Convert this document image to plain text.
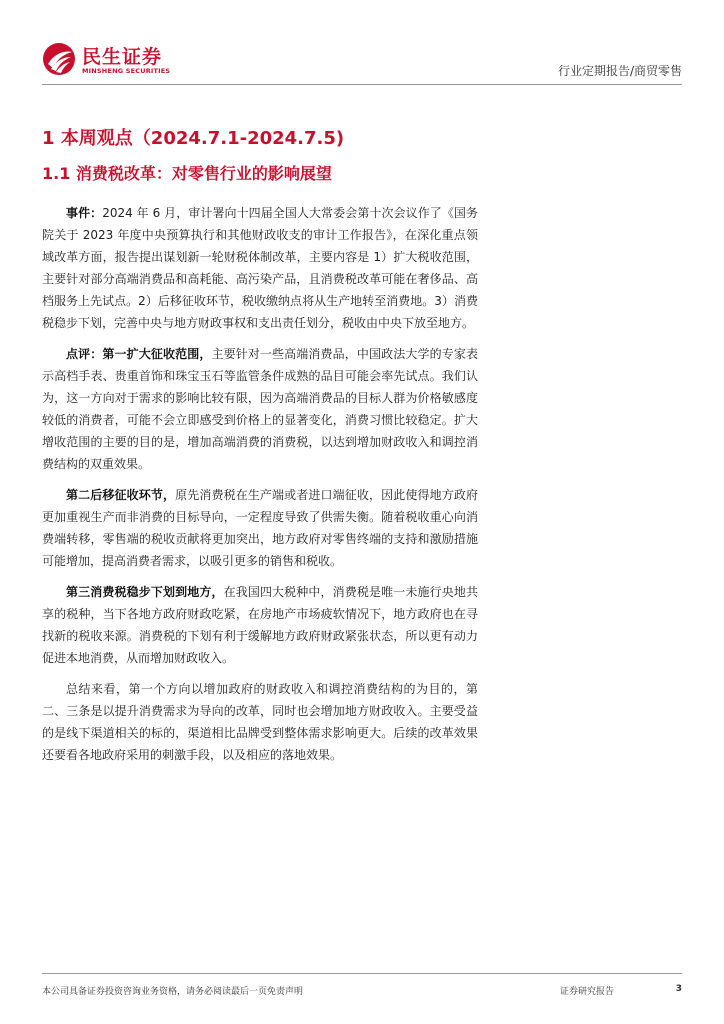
民生证券
MINSHENG SECURITIES	行业定期报告/商贸零售
1 本周观点（2024.7.1-2024.7.5)
1.1 消费税改革：对零售行业的影响展望

事件：2024 年 6 月，审计署向十四届全国人大常委会第十次会议作了《国务院关于 2023 年度中央预算执行和其他财政收支的审计工作报告》，在深化重点领域改革方面，报告提出谋划新一轮财税体制改革，主要内容是 1）扩大税收范围，主要针对部分高端消费品和高耗能、高污染产品，且消费税改革可能在奢侈品、高档服务上先试点。2）后移征收环节，税收缴纳点将从生产地转至消费地。3）消费税稳步下划，完善中央与地方财政事权和支出责任划分，税收由中央下放至地方。

点评：第一扩大征收范围，主要针对一些高端消费品，中国政法大学的专家表示高档手表、贵重首饰和珠宝玉石等监管条件成熟的品目可能会率先试点。我们认为，这一方向对于需求的影响比较有限，因为高端消费品的目标人群为价格敏感度较低的消费者，可能不会立即感受到价格上的显著变化，消费习惯比较稳定。扩大增收范围的主要的目的是，增加高端消费的消费税，以达到增加财政收入和调控消费结构的双重效果。

第二后移征收环节，原先消费税在生产端或者进口端征收，因此使得地方政府更加重视生产而非消费的目标导向，一定程度导致了供需失衡。随着税收重心向消费端转移，零售端的税收贡献将更加突出，地方政府对零售终端的支持和激励措施可能增加，提高消费者需求，以吸引更多的销售和税收。

第三消费税稳步下划到地方，在我国四大税种中，消费税是唯一未施行央地共享的税种，当下各地方政府财政吃紧，在房地产市场疲软情况下，地方政府也在寻找新的税收来源。消费税的下划有利于缓解地方政府财政紧张状态，所以更有动力促进本地消费，从而增加财政收入。

总结来看，第一个方向以增加政府的财政收入和调控消费结构的为目的，第二、三条是以提升消费需求为导向的改革，同时也会增加地方财政收入。主要受益的是线下渠道相关的标的，渠道相比品牌受到整体需求影响更大。后续的改革效果还要看各地政府采用的刺激手段，以及相应的落地效果。

本公司具备证券投资咨询业务资格，请务必阅读最后一页免责声明	证券研究报告	3
